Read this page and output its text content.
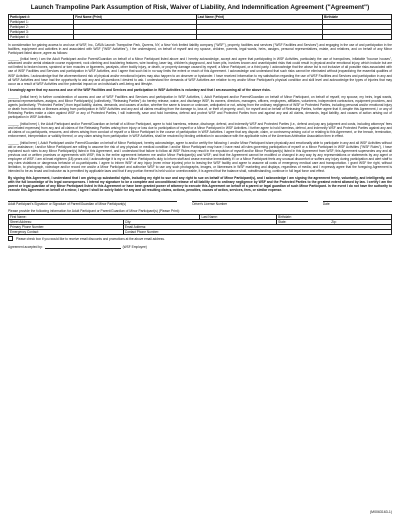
Launch Trampoline Park Assumption of Risk, Waiver of Liability, And Indemnification Agreement ("Agreement")
Participant #:	First Name (Print)	Last Name (Print)	Birthdate
Participant 1:			
Participant 2:			
Participant 3:			
Participant 4:			
In consideration for gaining access to and use of WSF, Inc., D/B/A Launch Trampoline Park, Queens, NY, a New York limited liability company ("WSF"), property, facilities and services ("WSF Facilities and Services") and engaging in the use of and participation in the facilities, equipment and activities in and associated with WSF ("WSF Activities"), I the undersigned, on behalf of myself and my spouse, children, parents, legal wards, heirs, assigns, personal representatives, estate, and relatives, and on behalf of any Minor Participant listed above, agree as follows:
______ (Initial here) I am the Adult Participant and/or Parent/Guardian on behalf of a Minor Participant listed above and I hereby acknowledge, accept and agree that participating in WSF Activities, particularly the use of trampolines, inflatable "bounce houses", advanced and/or aerial obstacle course equipment, rock climbing and bouldering features, wire bowling, laser tag, children's playground, and foam pits, involves known and unanticipated risks that could result in physical and/or emotional injury, which include but are not limited to broken bones, sprained or torn muscles or ligaments, paralysis, other bodily injury, or death, or property damage caused by myself, a Minor Participant, or a third party. I acknowledge that the above list is not inclusive of all possible risks associated with use of WSF Facilities and Services and participation in WSF Activities, and I agree that such list in no way limits the extent or reach of this Agreement. I acknowledge and understand that such risks cannot be eliminated without jeopardizing the essential qualities of WSF Activities. I acknowledge that the aforementioned risk of physical and/or emotional injuries may also happen to an observer or bystander. I have received information to my satisfaction regarding the use of WSF Facilities and Services and participation in any and all WSF Activities and have had the opportunity to ask any and all questions I desired to ask. I understand the demands of WSF Activities are relative to my and/or Minor Participant's physical condition and skill level and acknowledge the types of injuries that may occur as a result of WSF Activities and the potential impact on an individual's well-being and lifestyle.
I knowingly agree that my access and use of the WSF Facilities and Services and participation in WSF Activities is voluntary and that I am assuming all of the above risks.
______ (Initial here) In further consideration of access and use of WSF Facilities and Services and participation in WSF Activities, I, Adult Participant and/or Parent/Guardian on behalf of Minor Participant, on behalf of myself, my spouse, my heirs, legal wards, personal representatives, assigns, and Minor Participant(s) (collectively, "Releasing Parties") do hereby release, waive, and discharge WSF, its owners, directors, managers, officers, employees, affiliates, volunteers, independent contractors, equipment providers, and agents (collectively, "Protected Parties") from legal liability, claims, demands, and causes of action, whether the same is known or unknown, anticipated or not, arising from the ordinary negligence of WSF or Protected Parties, including personal and/or emotional injury or death from incidents or illnesses arising from participation in WSF Activities and any and all claims resulting from the damage to, loss of, or theft of property, and I, for myself and on behalf of Releasing Parties, further agree that if, despite this Agreement, I or any of Releasing Parties make a claim against WSF or any of Protected Parties, I will indemnify, save and hold harmless, defend and protect WSF and Protected Parties from and against any and all claims, demands, legal liability, and causes of action arising out of participation in WSF Activities.
______ (Initial here) I, the Adult Participant and/or Parent/Guardian on behalf of a Minor Participant, agree to hold harmless, release, discharge, defend, and indemnify WSF and Protected Parties (i.e., defend and pay any judgment and costs, including attorneys' fees and related expenses) from any and all claims of the Releasing Parties arising from injury or loss due to participation of myself or a Minor Participant in WSF Activities. I further agree to hold harmless, defend, and indemnify WSF and Protected Parties against any and all claims of co-participants, rescuers, and others arising from conduct of myself or a Minor Participant in the course of participation in WSF Activities. I agree that any dispute, claim, or controversy arising out of or relating to this Agreement, or the breach, termination, enforcement, interpretation or validity thereof, or any claim arising from participation in WSF Activities, shall be resolved by binding arbitration in accordance with the applicable rules of the American Arbitration Association then in effect.
______ (Initial here) I, Adult Participant and/or Parent/Guardian on behalf of Minor Participant, hereby acknowledge, agree to and/or certify the following: I and/or Minor Participant is/are physically and emotionally able to participate in any and all WSF Activities without aid or assistance; I and/or Minor Participant are willing to assume the risk of any physical or medical condition I and/or Minor Participant may have; I have read all rules governing participation of myself or a Minor Participant in WSF Activities ("WSF Rules"), I have explained such rules to any Minor Participant(s) listed in this Agreement, and I understand that failure to follow all WSF Rules may result in the expulsion of myself and/or Minor Participant(s) listed in this Agreement from WSF; this Agreement supersedes any and all previous oral or written promises or agreements with WSF; this is the entire agreement between me and/or Minor Participant(s) and WSF; and that the Agreement cannot be modified or changed in any way by any representations or statements by any agent or employee of WSF. I am at least eighteen (18) years old; I acknowledge it is my or a Minor Participant's duty to inform staff and cease exercise immediately if I or a Minor Participant feels any unusual discomfort or suffers any injury during participation and alert staff to any rules violations or dangerous behavior of co-participants. I agree to inform WSF of any injury (even minor injuries) prior to leaving the WSF facility and agree to assume all costs of emergency medical care and transportation. I grant WSF the right, without limitation, to photograph, videotape and/or record me and/or a Minor Participant and authorize WSF to use any such photographs, images, or likenesses in WSF marketing and displays, regardless of media; and I expressly agree that the foregoing Agreement is intended to be as broad and inclusive as is permitted by applicable laws and that if any portion thereof is held void or unenforceable, it is agreed that the balance shall, notwithstanding, continue in full legal force and effect.
By signing this Agreement, I understand that I am giving up substantial rights, including my right to sue and any right to sue on behalf of Minor Participant(s), and I acknowledge I am signing the agreement freely, voluntarily, and intelligently, and with the full knowledge of its legal consequences. I intend my signature to be a complete and unconditional release of all liability due to ordinary negligence by WSF and the Protected Parties to the greatest extent allowed by law. I certify I am the parent or legal guardian of any Minor Participant listed in this Agreement or have been granted power of attorney to execute this Agreement on behalf of a parent or legal guardian of such Minor Participant. In the event I do not have the authority to execute this Agreement on behalf of a minor, I agree I shall be solely liable for any and all resulting claims, actions, penalties, causes of action, services, fees, or similar expense.
Adult Participant's Signature or Signature of Parent/Guardian of Minor Participant(s)	Driver's License Number	Date
Please provide the following information for Adult Participant or Parent/Guardian of Minor Participant(s) (Please Print):
First Name:		Last Name:	Birthdate:
Street Address:	City:		State: Zip:
Primary Phone Number:	Email Address:		
Emergency Contact:	Contact Phone Number:		
Please check box if you would like to receive email discounts and promotions at the above email address.
Agreement accepted by:	(WSF Employee)
(M0063163-1)
